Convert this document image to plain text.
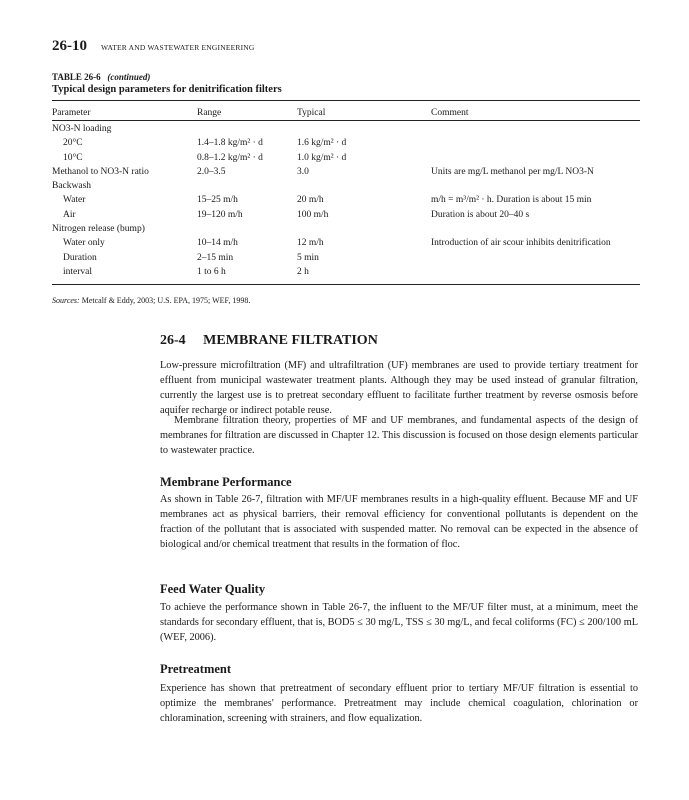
26-10 WATER AND WASTEWATER ENGINEERING
TABLE 26-6 (continued)
Typical design parameters for denitrification filters
Parameter	Range	Typical	Comment
NO3-N loading			
20°C	1.4–1.8 kg/m² · d	1.6 kg/m² · d	
10°C	0.8–1.2 kg/m² · d	1.0 kg/m² · d	
Methanol to NO3-N ratio	2.0–3.5	3.0	Units are mg/L methanol per mg/L NO3-N
Backwash			
Water	15–25 m/h	20 m/h	m/h = m³/m² · h. Duration is about 15 min
Air	19–120 m/h	100 m/h	Duration is about 20–40 s
Nitrogen release (bump)			
Water only	10–14 m/h	12 m/h	Introduction of air scour inhibits denitrification
Duration	2–15 min	5 min	
interval	1 to 6 h	2 h	
Sources: Metcalf & Eddy, 2003; U.S. EPA, 1975; WEF, 1998.
26-4 MEMBRANE FILTRATION

Low-pressure microfiltration (MF) and ultrafiltration (UF) membranes are used to provide tertiary treatment for effluent from municipal wastewater treatment plants. Although they may be used instead of granular filtration, currently the largest use is to pretreat secondary effluent to facilitate further treatment by reverse osmosis before aquifer recharge or indirect potable reuse.

Membrane filtration theory, properties of MF and UF membranes, and fundamental aspects of the design of membranes for filtration are discussed in Chapter 12. This discussion is focused on those design elements particular to wastewater practice.

Membrane Performance

As shown in Table 26-7, filtration with MF/UF membranes results in a high-quality effluent. Because MF and UF membranes act as physical barriers, their removal efficiency for conventional pollutants is dependent on the fraction of the pollutant that is associated with suspended matter. No removal can be expected in the absence of biological and/or chemical treatment that results in the formation of floc.

Feed Water Quality

To achieve the performance shown in Table 26-7, the influent to the MF/UF filter must, at a minimum, meet the standards for secondary effluent, that is, BOD5 ≤ 30 mg/L, TSS ≤ 30 mg/L, and fecal coliforms (FC) ≤ 200/100 mL (WEF, 2006).

Pretreatment

Experience has shown that pretreatment of secondary effluent prior to tertiary MF/UF filtration is essential to optimize the membranes' performance. Pretreatment may include chemical coagulation, chlorination or chloramination, screening with strainers, and flow equalization.
